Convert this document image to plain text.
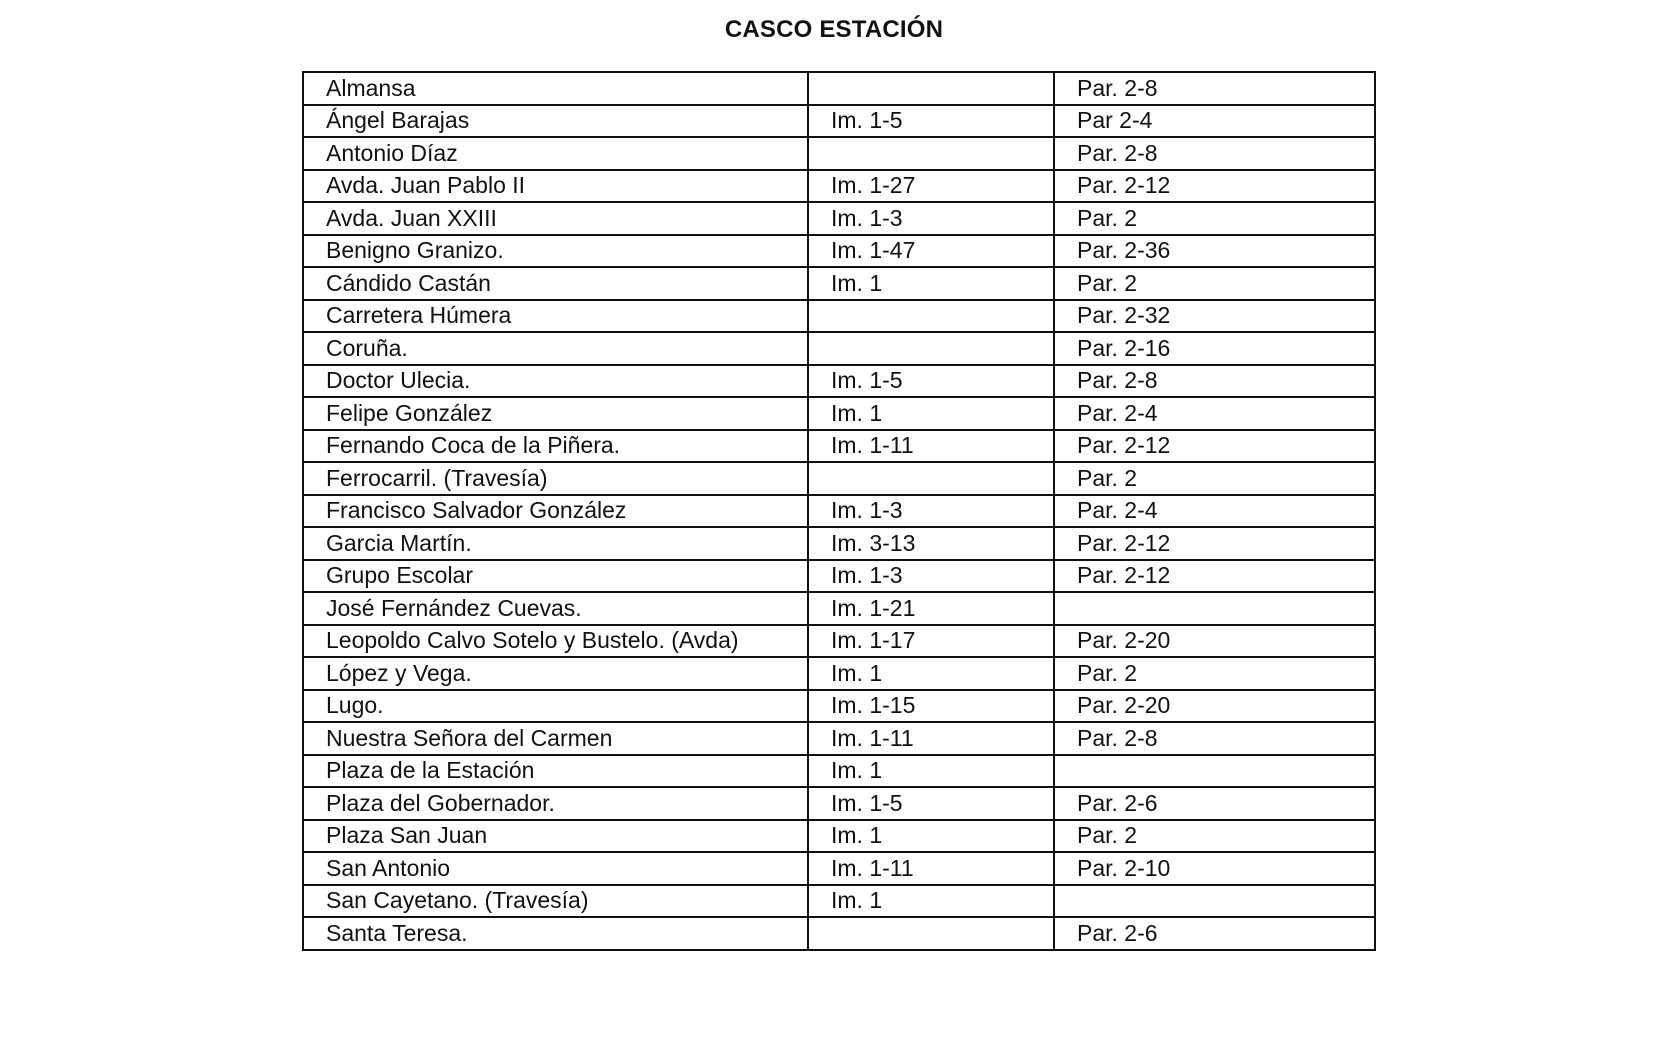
CASCO ESTACIÓN
Almansa		Par. 2-8
Ángel Barajas	Im. 1-5	Par 2-4
Antonio Díaz		Par. 2-8
Avda. Juan Pablo II	Im. 1-27	Par. 2-12
Avda. Juan XXIII	Im. 1-3	Par. 2
Benigno Granizo.	Im. 1-47	Par. 2-36
Cándido Castán	Im. 1	Par. 2
Carretera Húmera		Par. 2-32
Coruña.		Par. 2-16
Doctor Ulecia.	Im. 1-5	Par. 2-8
Felipe González	Im. 1	Par. 2-4
Fernando Coca de la Piñera.	Im. 1-11	Par. 2-12
Ferrocarril. (Travesía)		Par. 2
Francisco Salvador González	Im. 1-3	Par. 2-4
Garcia Martín.	Im. 3-13	Par. 2-12
Grupo Escolar	Im. 1-3	Par. 2-12
José Fernández Cuevas.	Im. 1-21	
Leopoldo Calvo Sotelo y Bustelo. (Avda)	Im. 1-17	Par. 2-20
López y Vega.	Im. 1	Par. 2
Lugo.	Im. 1-15	Par. 2-20
Nuestra Señora del Carmen	Im. 1-11	Par. 2-8
Plaza de la Estación	Im. 1	
Plaza del Gobernador.	Im. 1-5	Par. 2-6
Plaza San Juan	Im. 1	Par. 2
San Antonio	Im. 1-11	Par. 2-10
San Cayetano. (Travesía)	Im. 1	
Santa Teresa.		Par. 2-6
